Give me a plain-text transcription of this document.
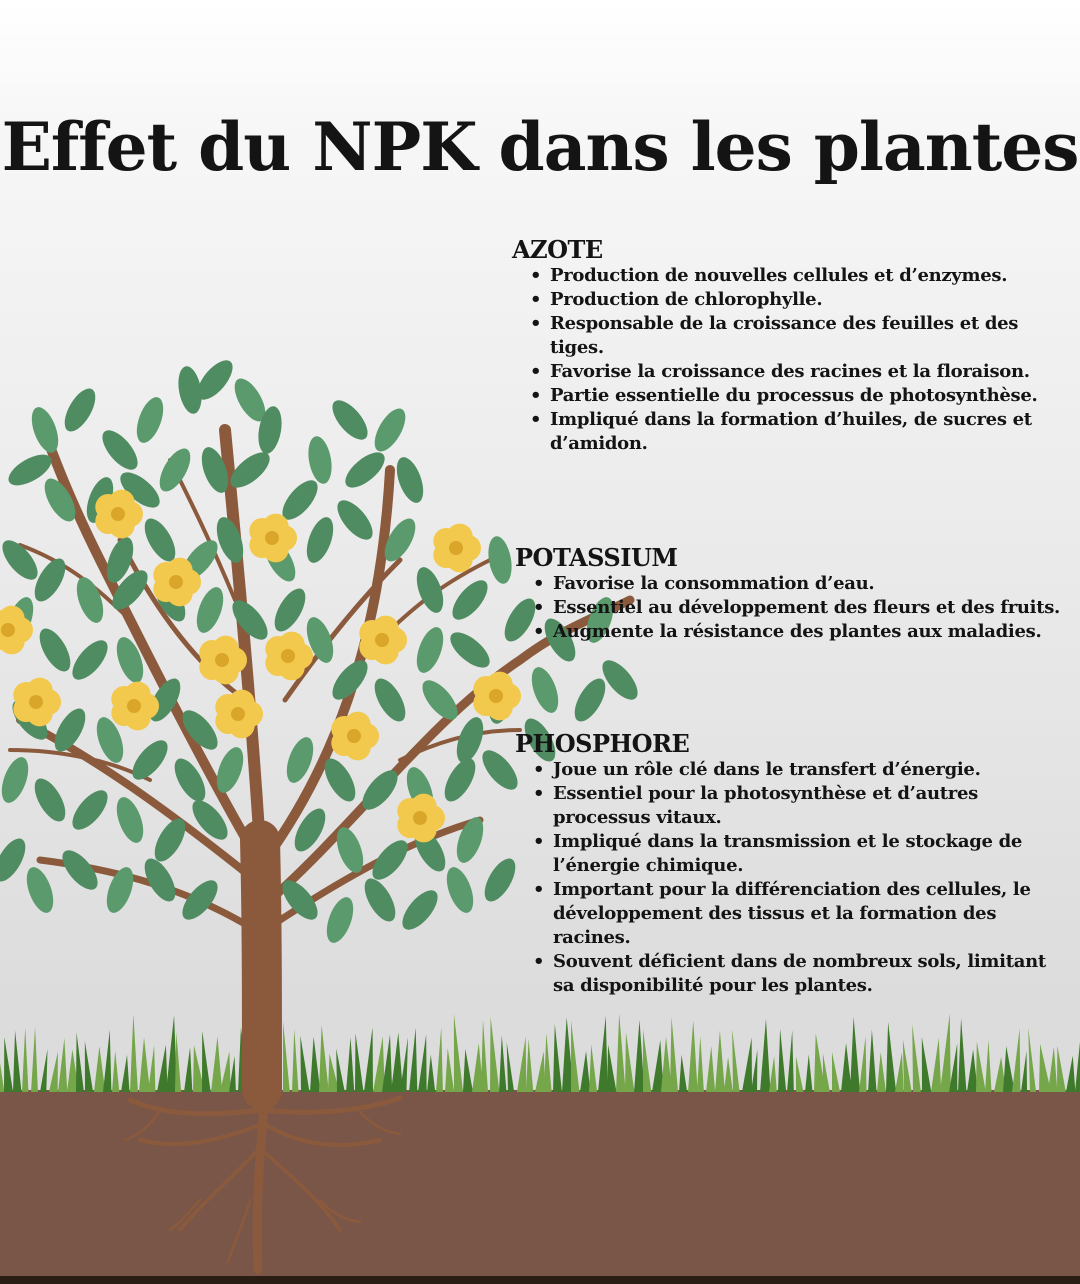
Effet du NPK dans les plantes
AZOTE
• Production de nouvelles cellules et d’enzymes.
• Production de chlorophylle.
• Responsable de la croissance des feuilles et des tiges.
• Favorise la croissance des racines et la floraison.
• Partie essentielle du processus de photosynthèse.
• Impliqué dans la formation d’huiles, de sucres et d’amidon.
POTASSIUM
• Favorise la consommation d’eau.
• Essentiel au développement des fleurs et des fruits.
• Augmente la résistance des plantes aux maladies.
PHOSPHORE
• Joue un rôle clé dans le transfert d’énergie.
• Essentiel pour la photosynthèse et d’autres processus vitaux.
• Impliqué dans la transmission et le stockage de l’énergie chimique.
• Important pour la différenciation des cellules, le développement des tissus et la formation des racines.
• Souvent déficient dans de nombreux sols, limitant sa disponibilité pour les plantes.
